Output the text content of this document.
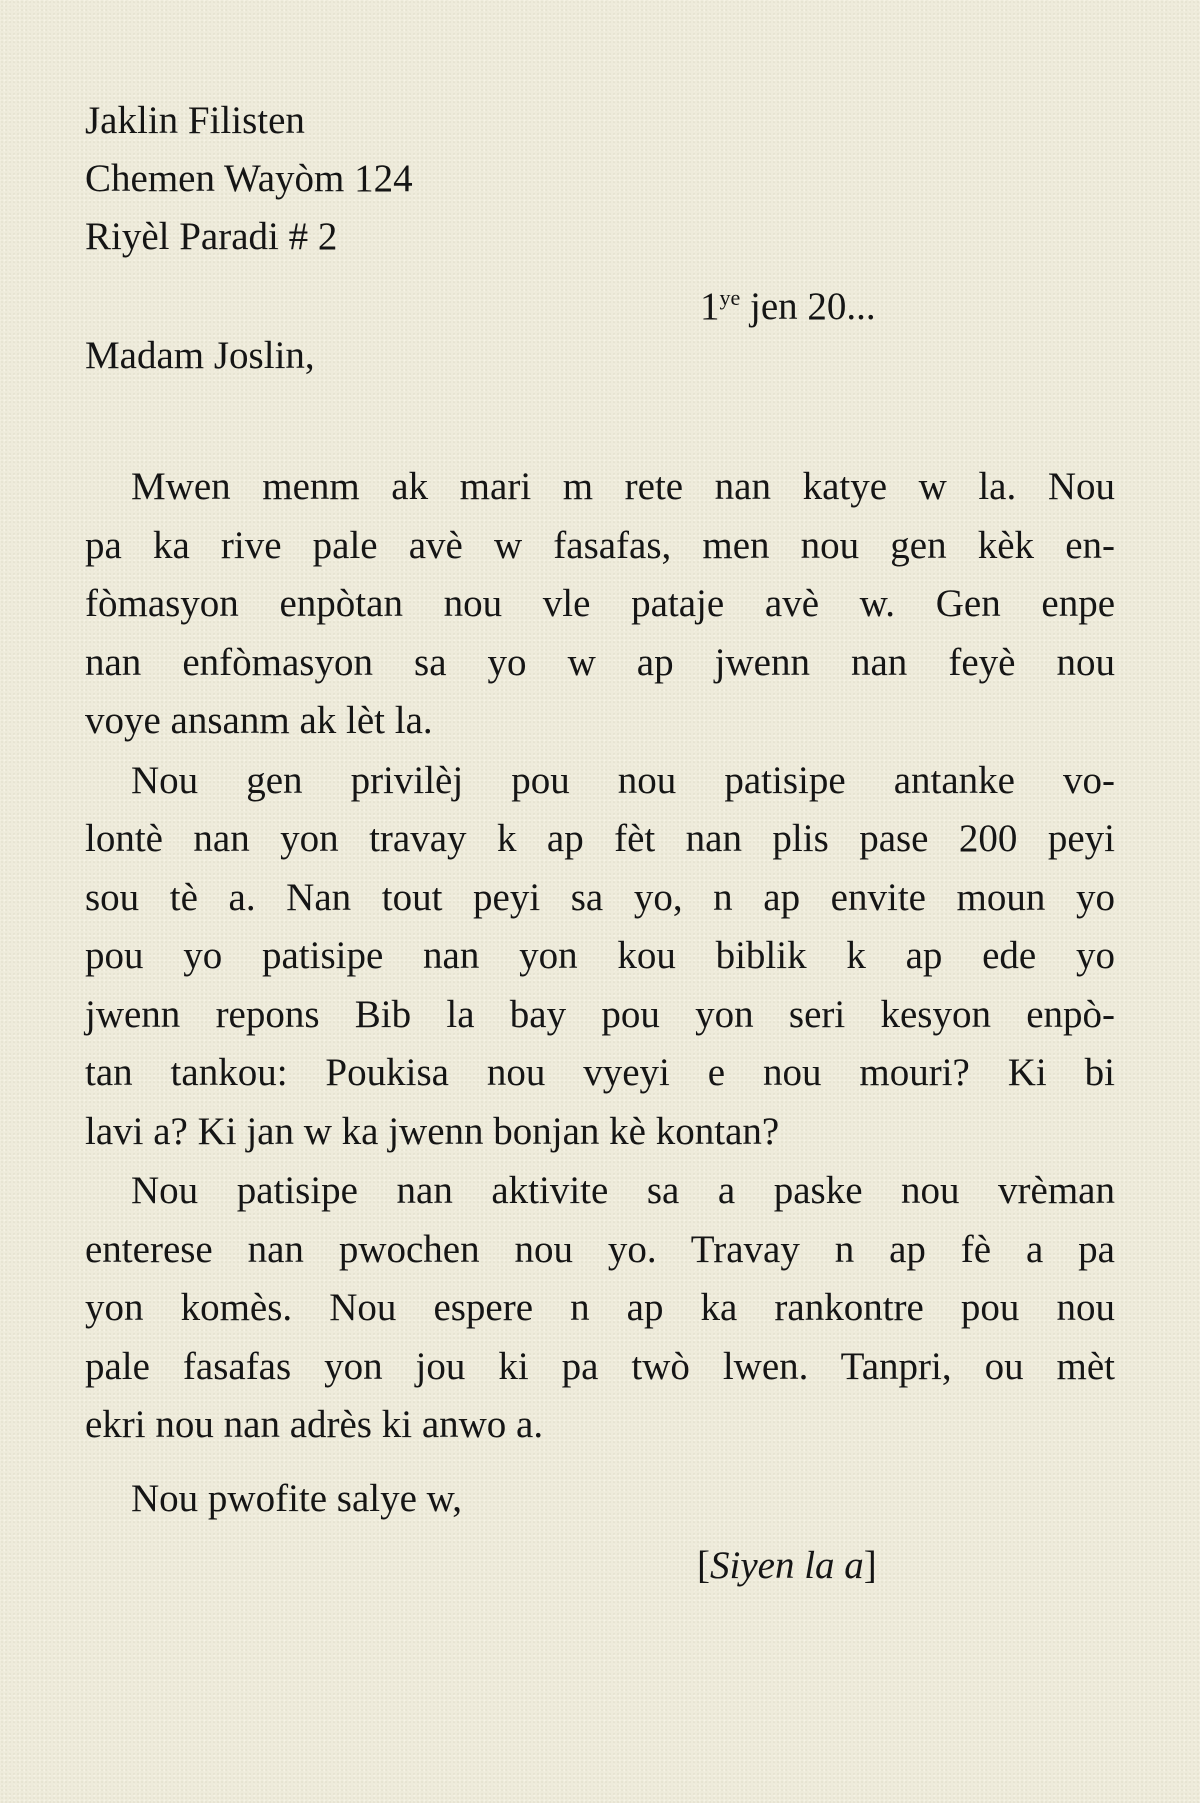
Jaklin Filisten
Chemen Wayòm 124
Riyèl Paradi # 2
$1^{ye}$ jen 20...
Madam Joslin,
Mwen menm ak mari m rete nan katye w la. Nou
pa ka rive pale avè w fasafas, men nou gen kèk en-
fòmasyon enpòtan nou vle pataje avè w. Gen enpe
nan enfòmasyon sa yo w ap jwenn nan feyè nou
voye ansanm ak lèt la.
Nou gen privilèj pou nou patisipe antanke vo-
lontè nan yon travay k ap fèt nan plis pase 200 peyi
sou tè a. Nan tout peyi sa yo, n ap envite moun yo
pou yo patisipe nan yon kou biblik k ap ede yo
jwenn repons Bib la bay pou yon seri kesyon enpò-
tan tankou: Poukisa nou vyeyi e nou mouri? Ki bi
lavi a? Ki jan w ka jwenn bonjan kè kontan?
Nou patisipe nan aktivite sa a paske nou vrèman
enterese nan pwochen nou yo. Travay n ap fè a pa
yon komès. Nou espere n ap ka rankontre pou nou
pale fasafas yon jou ki pa twò lwen. Tanpri, ou mèt
ekri nou nan adrès ki anwo a.
Nou pwofite salye w,
[Siyen la a]
